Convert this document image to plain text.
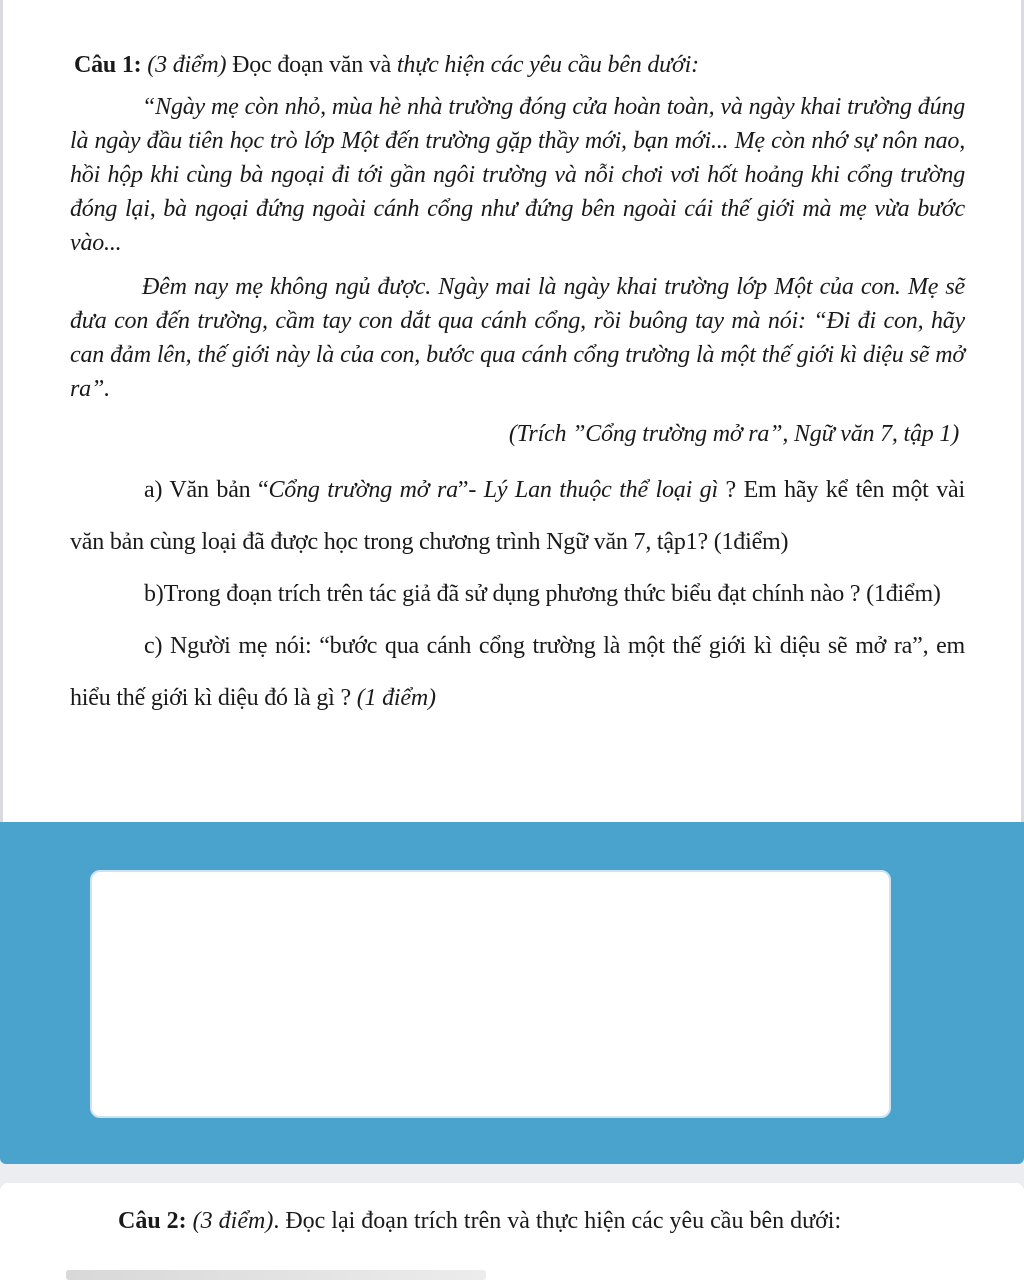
Câu 1: (3 điểm) Đọc đoạn văn và thực hiện các yêu cầu bên dưới:

“Ngày mẹ còn nhỏ, mùa hè nhà trường đóng cửa hoàn toàn, và ngày khai trường đúng là ngày đầu tiên học trò lớp Một đến trường gặp thầy mới, bạn mới... Mẹ còn nhớ sự nôn nao, hồi hộp khi cùng bà ngoại đi tới gần ngôi trường và nỗi chơi vơi hốt hoảng khi cổng trường đóng lại, bà ngoại đứng ngoài cánh cổng như đứng bên ngoài cái thế giới mà mẹ vừa bước vào...

Đêm nay mẹ không ngủ được. Ngày mai là ngày khai trường lớp Một của con. Mẹ sẽ đưa con đến trường, cầm tay con dắt qua cánh cổng, rồi buông tay mà nói: “Đi đi con, hãy can đảm lên, thế giới này là của con, bước qua cánh cổng trường là một thế giới kì diệu sẽ mở ra”.

(Trích ”Cổng trường mở ra”, Ngữ văn 7, tập 1)

a) Văn bản “Cổng trường mở ra”- Lý Lan thuộc thể loại gì ? Em hãy kể tên một vài văn bản cùng loại đã được học trong chương trình Ngữ văn 7, tập1? (1điểm)

b)Trong đoạn trích trên tác giả đã sử dụng phương thức biểu đạt chính nào ? (1điểm)

c) Người mẹ nói: “bước qua cánh cổng trường là một thế giới kì diệu sẽ mở ra”, em hiểu thế giới kì diệu đó là gì ? (1 điểm)

Câu 2: (3 điểm). Đọc lại đoạn trích trên và thực hiện các yêu cầu bên dưới:
